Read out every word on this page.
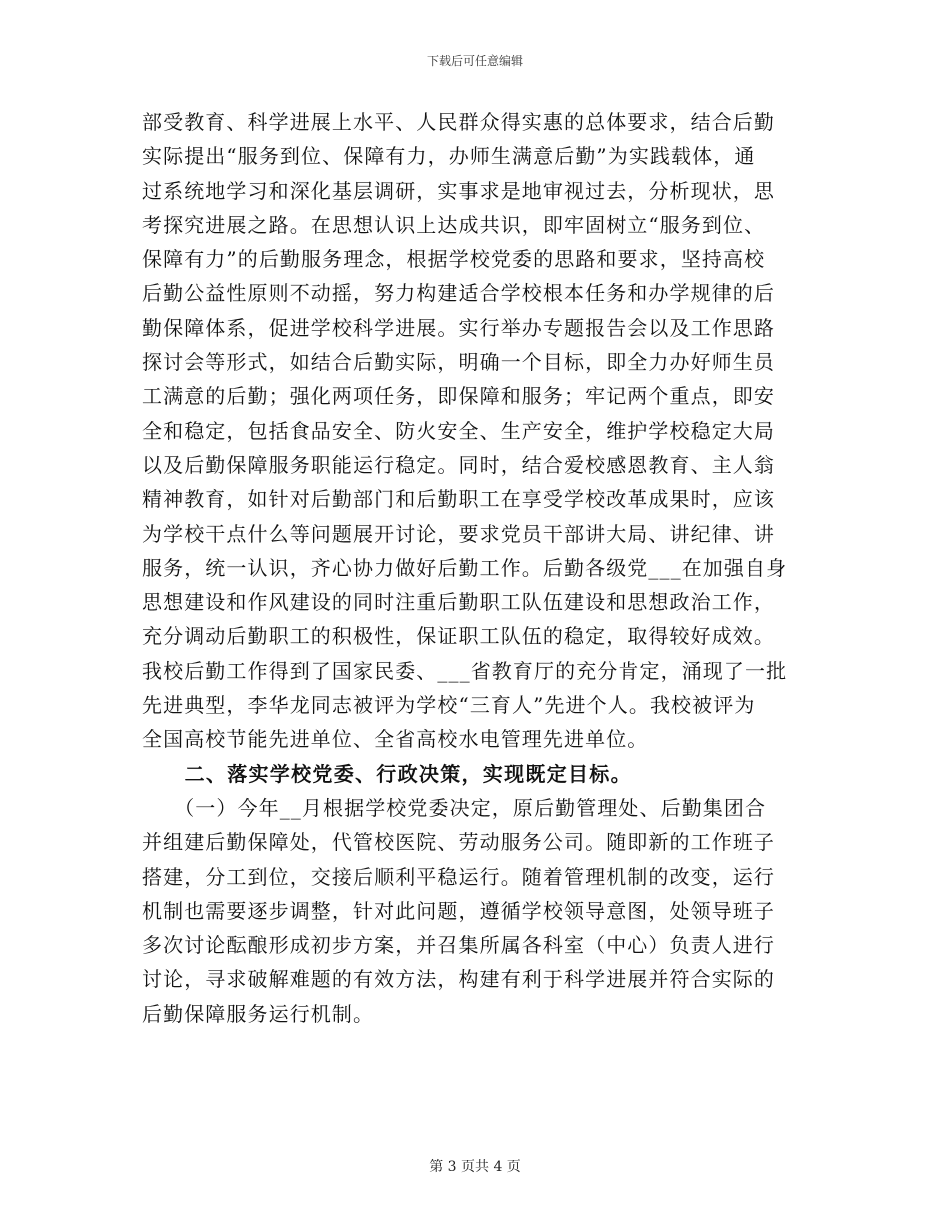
下载后可任意编辑
部受教育、科学进展上水平、人民群众得实惠的总体要求，结合后勤
实际提出“服务到位、保障有力，办师生满意后勤”为实践载体，通
过系统地学习和深化基层调研，实事求是地审视过去，分析现状，思
考探究进展之路。在思想认识上达成共识，即牢固树立“服务到位、
保障有力”的后勤服务理念，根据学校党委的思路和要求，坚持高校
后勤公益性原则不动摇，努力构建适合学校根本任务和办学规律的后
勤保障体系，促进学校科学进展。实行举办专题报告会以及工作思路
探讨会等形式，如结合后勤实际，明确一个目标，即全力办好师生员
工满意的后勤；强化两项任务，即保障和服务；牢记两个重点，即安
全和稳定，包括食品安全、防火安全、生产安全，维护学校稳定大局
以及后勤保障服务职能运行稳定。同时，结合爱校感恩教育、主人翁
精神教育，如针对后勤部门和后勤职工在享受学校改革成果时，应该
为学校干点什么等问题展开讨论，要求党员干部讲大局、讲纪律、讲
服务，统一认识，齐心协力做好后勤工作。后勤各级党___在加强自身
思想建设和作风建设的同时注重后勤职工队伍建设和思想政治工作，
充分调动后勤职工的积极性，保证职工队伍的稳定，取得较好成效。
我校后勤工作得到了国家民委、___省教育厅的充分肯定，涌现了一批
先进典型，李华龙同志被评为学校“三育人”先进个人。我校被评为
全国高校节能先进单位、全省高校水电管理先进单位。
　　二、落实学校党委、行政决策，实现既定目标。
　　（一）今年__月根据学校党委决定，原后勤管理处、后勤集团合
并组建后勤保障处，代管校医院、劳动服务公司。随即新的工作班子
搭建，分工到位，交接后顺利平稳运行。随着管理机制的改变，运行
机制也需要逐步调整，针对此问题，遵循学校领导意图，处领导班子
多次讨论酝酿形成初步方案，并召集所属各科室（中心）负责人进行
讨论，寻求破解难题的有效方法，构建有利于科学进展并符合实际的
后勤保障服务运行机制。
第 3 页共 4 页
